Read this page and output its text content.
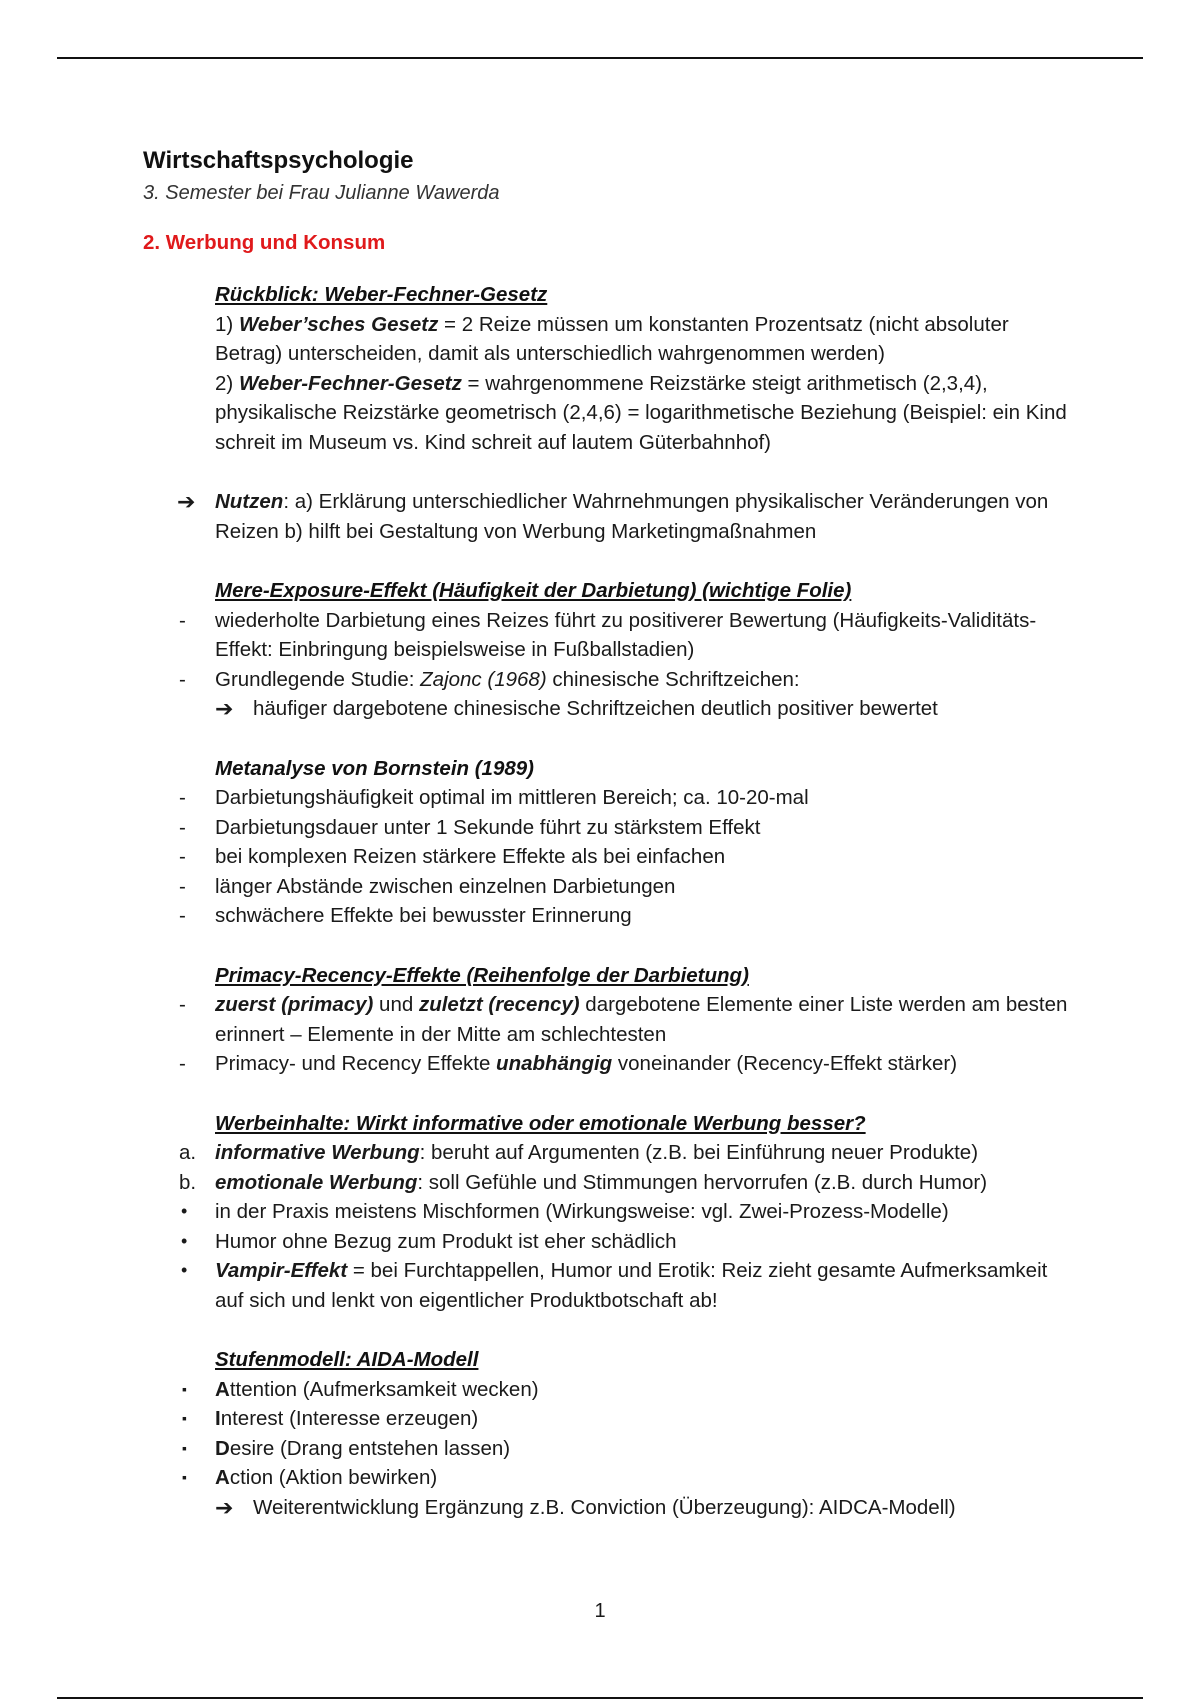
Wirtschaftspsychologie
3. Semester bei Frau Julianne Wawerda
2. Werbung und Konsum
Rückblick: Weber-Fechner-Gesetz
1) Weber’sches Gesetz = 2 Reize müssen um konstanten Prozentsatz (nicht absoluter Betrag) unterscheiden, damit als unterschiedlich wahrgenommen werden)
2) Weber-Fechner-Gesetz = wahrgenommene Reizstärke steigt arithmetisch (2,3,4), physikalische Reizstärke geometrisch (2,4,6) = logarithmetische Beziehung (Beispiel: ein Kind schreit im Museum vs. Kind schreit auf lautem Güterbahnhof)
➔ Nutzen: a) Erklärung unterschiedlicher Wahrnehmungen physikalischer Veränderungen von Reizen b) hilft bei Gestaltung von Werbung Marketingmaßnahmen
Mere-Exposure-Effekt (Häufigkeit der Darbietung) (wichtige Folie)
-	wiederholte Darbietung eines Reizes führt zu positiverer Bewertung (Häufigkeits-Validitäts-Effekt: Einbringung beispielsweise in Fußballstadien)
-	Grundlegende Studie: Zajonc (1968) chinesische Schriftzeichen:
➔ häufiger dargebotene chinesische Schriftzeichen deutlich positiver bewertet
Metanalyse von Bornstein (1989)
-	Darbietungshäufigkeit optimal im mittleren Bereich; ca. 10-20-mal
-	Darbietungsdauer unter 1 Sekunde führt zu stärkstem Effekt
-	bei komplexen Reizen stärkere Effekte als bei einfachen
-	länger Abstände zwischen einzelnen Darbietungen
-	schwächere Effekte bei bewusster Erinnerung
Primacy-Recency-Effekte (Reihenfolge der Darbietung)
-	zuerst (primacy) und zuletzt (recency) dargebotene Elemente einer Liste werden am besten erinnert – Elemente in der Mitte am schlechtesten
-	Primacy- und Recency Effekte unabhängig voneinander (Recency-Effekt stärker)
Werbeinhalte: Wirkt informative oder emotionale Werbung besser?
a. informative Werbung: beruht auf Argumenten (z.B. bei Einführung neuer Produkte)
b. emotionale Werbung: soll Gefühle und Stimmungen hervorrufen (z.B. durch Humor)
•	in der Praxis meistens Mischformen (Wirkungsweise: vgl. Zwei-Prozess-Modelle)
•	Humor ohne Bezug zum Produkt ist eher schädlich
•	Vampir-Effekt = bei Furchtappellen, Humor und Erotik: Reiz zieht gesamte Aufmerksamkeit auf sich und lenkt von eigentlicher Produktbotschaft ab!
Stufenmodell: AIDA-Modell
▪	Attention (Aufmerksamkeit wecken)
▪	Interest (Interesse erzeugen)
▪	Desire (Drang entstehen lassen)
▪	Action (Aktion bewirken)
➔ Weiterentwicklung Ergänzung z.B. Conviction (Überzeugung): AIDCA-Modell)
1
